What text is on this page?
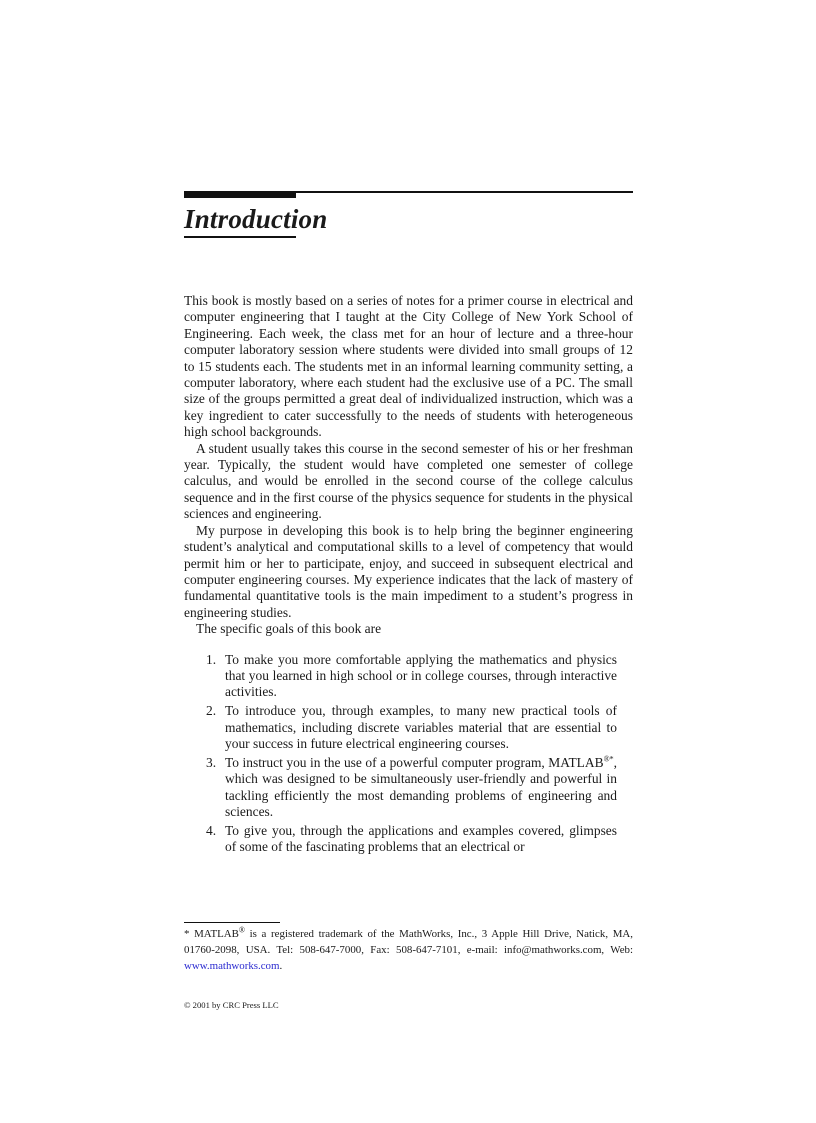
Introduction

This book is mostly based on a series of notes for a primer course in electrical and computer engineering that I taught at the City College of New York School of Engineering. Each week, the class met for an hour of lecture and a three-hour computer laboratory session where students were divided into small groups of 12 to 15 students each. The students met in an informal learning community setting, a computer laboratory, where each student had the exclusive use of a PC. The small size of the groups permitted a great deal of individualized instruction, which was a key ingredient to cater successfully to the needs of students with heterogeneous high school backgrounds.

A student usually takes this course in the second semester of his or her freshman year. Typically, the student would have completed one semester of college calculus, and would be enrolled in the second course of the college calculus sequence and in the first course of the physics sequence for students in the physical sciences and engineering.

My purpose in developing this book is to help bring the beginner engineering student’s analytical and computational skills to a level of competency that would permit him or her to participate, enjoy, and succeed in subsequent electrical and computer engineering courses. My experience indicates that the lack of mastery of fundamental quantitative tools is the main impediment to a student’s progress in engineering studies.

The specific goals of this book are

1. To make you more comfortable applying the mathematics and physics that you learned in high school or in college courses, through interactive activities.
2. To introduce you, through examples, to many new practical tools of mathematics, including discrete variables material that are essential to your success in future electrical engineering courses.
3. To instruct you in the use of a powerful computer program, MATLAB®*, which was designed to be simultaneously user-friendly and powerful in tackling efficiently the most demanding problems of engineering and sciences.
4. To give you, through the applications and examples covered, glimpses of some of the fascinating problems that an electrical or
* MATLAB® is a registered trademark of the MathWorks, Inc., 3 Apple Hill Drive, Natick, MA, 01760-2098, USA. Tel: 508-647-7000, Fax: 508-647-7101, e-mail: info@mathworks.com, Web: www.mathworks.com.
© 2001 by CRC Press LLC
